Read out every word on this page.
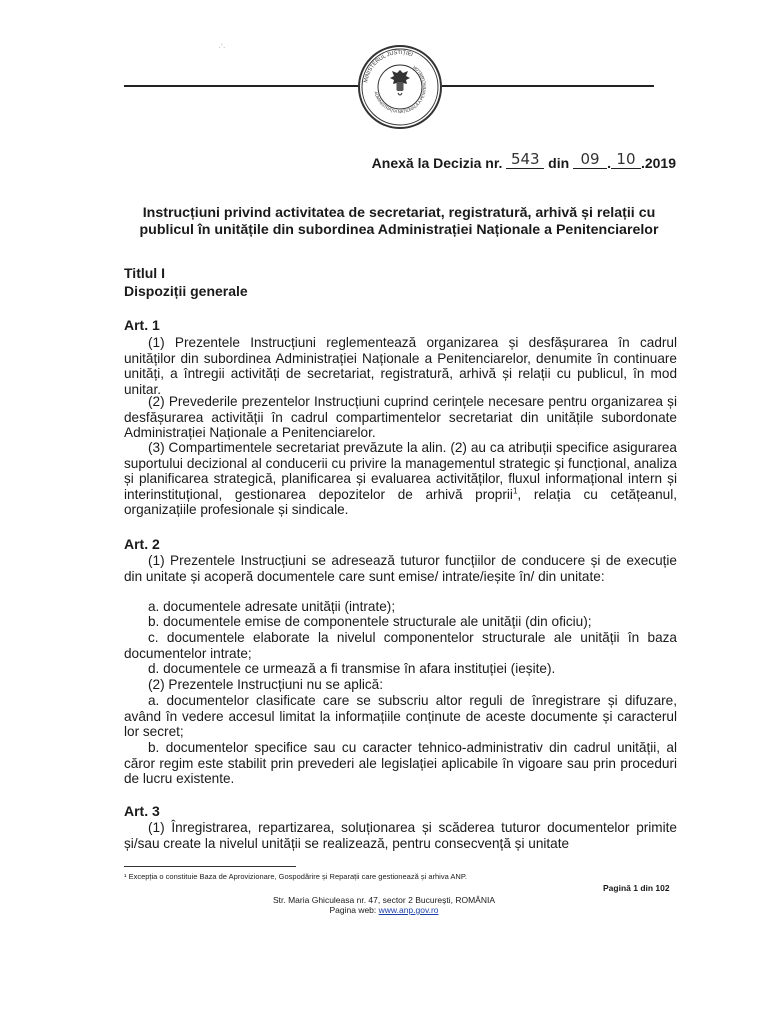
·'·
MINISTERUL JUSTIȚIEI
ADMINISTRAȚIA NAȚIONALĂ A PENITENCIARELOR
Anexă la Decizia nr. 543 din 09 . 10 .2019
Instrucțiuni privind activitatea de secretariat, registratură, arhivă și relații cu publicul în unitățile din subordinea Administrației Naționale a Penitenciarelor
Titlul I
Dispoziții generale
Art. 1
(1) Prezentele Instrucțiuni reglementează organizarea și desfășurarea în cadrul unităților din subordinea Administrației Naționale a Penitenciarelor, denumite în continuare unități, a întregii activități de secretariat, registratură, arhivă și relații cu publicul, în mod unitar.
(2) Prevederile prezentelor Instrucțiuni cuprind cerințele necesare pentru organizarea și desfășurarea activității în cadrul compartimentelor secretariat din unitățile subordonate Administrației Naționale a Penitenciarelor.
(3) Compartimentele secretariat prevăzute la alin. (2) au ca atribuții specifice asigurarea suportului decizional al conducerii cu privire la managementul strategic și funcțional, analiza și planificarea strategică, planificarea și evaluarea activităților, fluxul informațional intern și interinstituțional, gestionarea depozitelor de arhivă proprii$^1$, relația cu cetățeanul, organizațiile profesionale și sindicale.
Art. 2
(1) Prezentele Instrucțiuni se adresează tuturor funcțiilor de conducere și de execuție din unitate și acoperă documentele care sunt emise/ intrate/ieșite în/ din unitate:
a. documentele adresate unității (intrate);
b. documentele emise de componentele structurale ale unității (din oficiu);
c. documentele elaborate la nivelul componentelor structurale ale unității în baza documentelor intrate;
d. documentele ce urmează a fi transmise în afara instituției (ieșite).
(2) Prezentele Instrucțiuni nu se aplică:
a. documentelor clasificate care se subscriu altor reguli de înregistrare și difuzare, având în vedere accesul limitat la informațiile conținute de aceste documente și caracterul lor secret;
b. documentelor specifice sau cu caracter tehnico-administrativ din cadrul unității, al căror regim este stabilit prin prevederi ale legislației aplicabile în vigoare sau prin proceduri de lucru existente.
Art. 3
(1) Înregistrarea, repartizarea, soluționarea și scăderea tuturor documentelor primite și/sau create la nivelul unității se realizează, pentru consecvență și unitate
¹ Excepția o constituie Baza de Aprovizionare, Gospodărire și Reparații care gestionează și arhiva ANP.
Pagină 1 din 102
Str. Maria Ghiculeasa nr. 47, sector 2 București, ROMÂNIA
Pagina web: www.anp.gov.ro
